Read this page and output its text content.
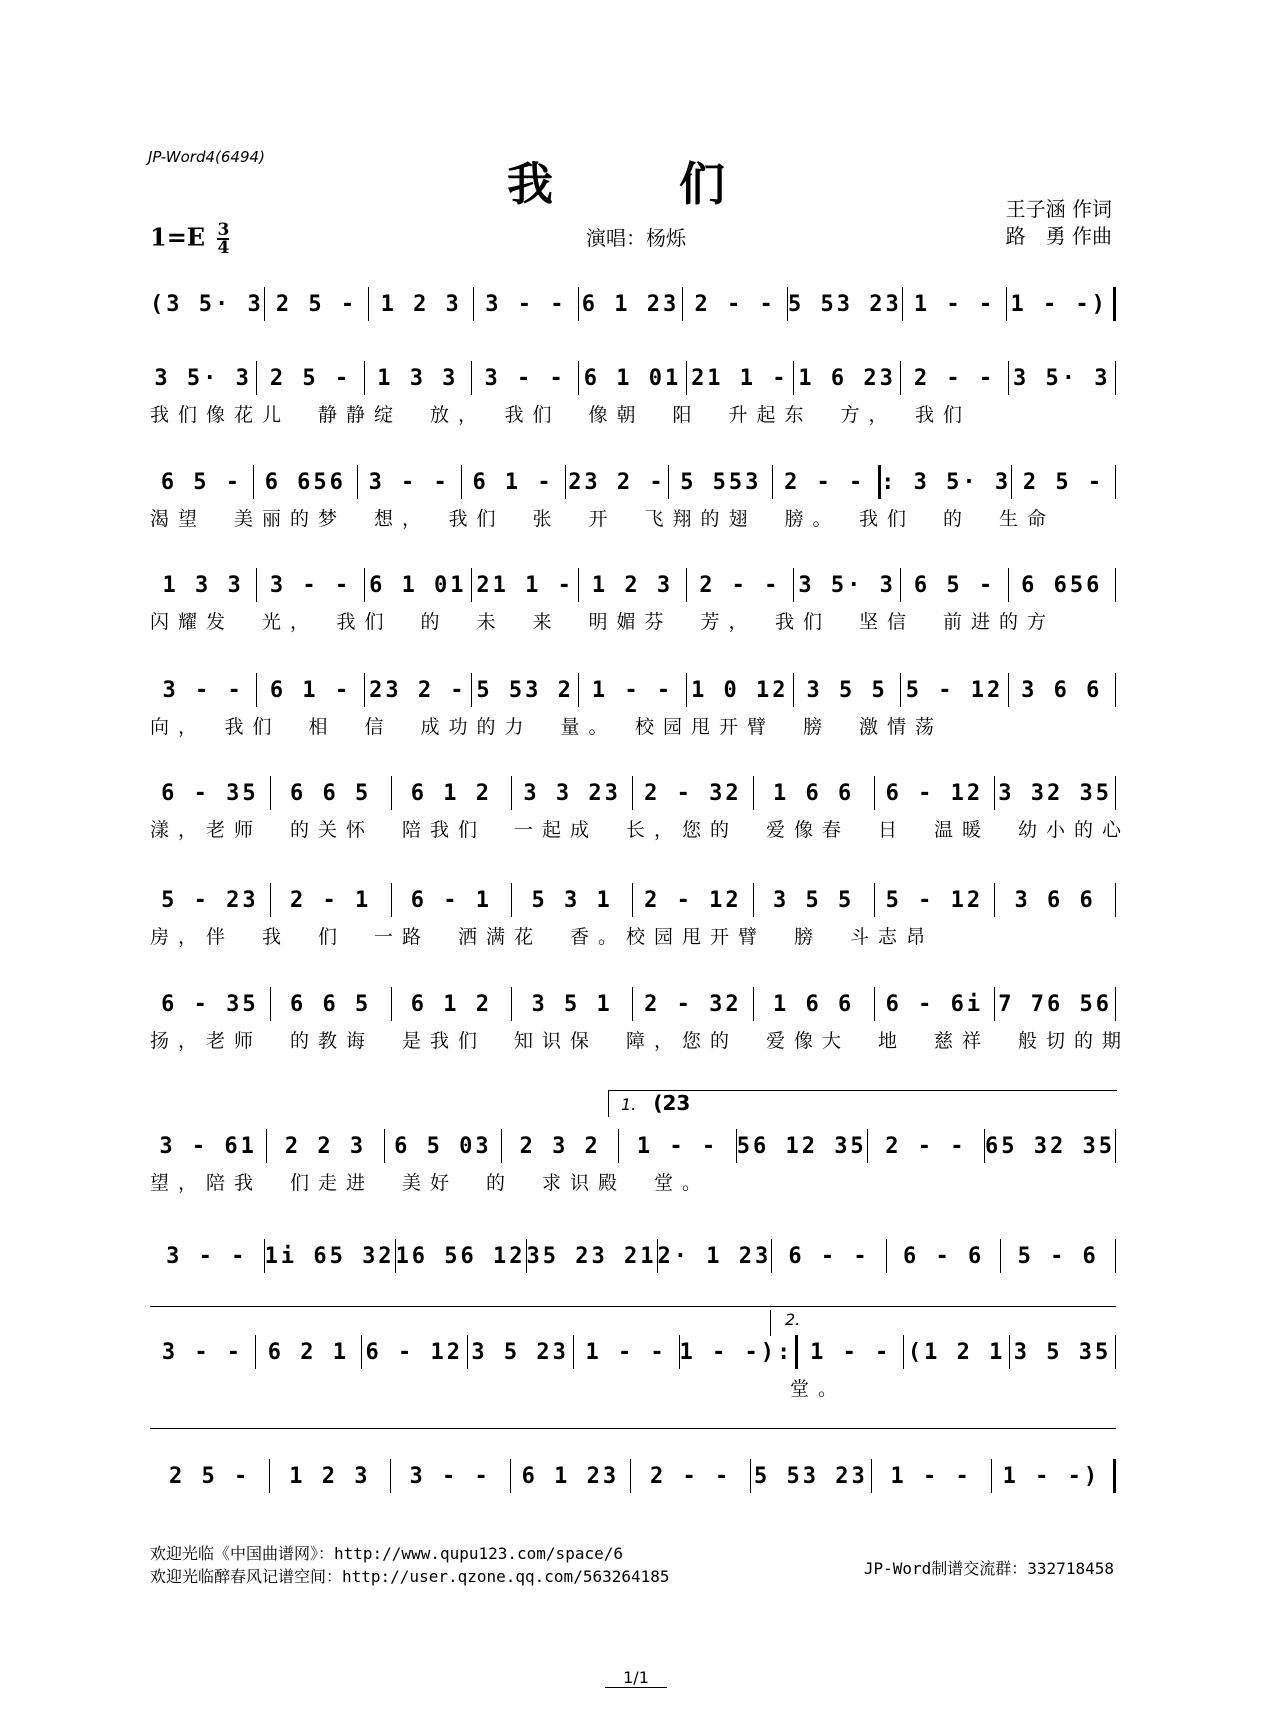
JP-Word4(6494)	我　们
$1=E \frac{3}{4}$	演唱：杨烁
王子涵 作词
路　勇 作曲
(3 5· 3 2 5 -	1 2 3	3 - - 6 1 23 2 - - 5 53 23 1 - - 1 - -)
3 5· 3 2 5 -	1 3 3	3 - - 6 1 01 21 1 - 1 6 23 2 - - 3 5· 3
我们像花儿　静静绽　放，　我们　像朝　阳　升起东　方，　我们
6 5 -	6 656	3 - -	6 1 - 23 2 - 5 553	2 - - : 3 5· 3 2 5 -
渴望　美丽的梦　想，　我们　张　开　飞翔的翅　膀。　我们　的　生命
1 3 3	3 - - 6 1 01 21 1 - 1 2 3	2 - - 3 5· 3 6 5 -	6 656
闪耀发　光，　我们　的　未　来　明媚芬　芳，　我们　坚信　前进的方
3 - -	6 1 - 23 2 - 5 53 2 1 - - 1 0 12 3 5 5 5 - 12 3 6 6
向，　我们　相　信　成功的力　量。　校园甩开臂　膀　激情荡
6 - 35	6 6 5	6 1 2	3 3 23	2 - 32	1 6 6	6 - 12 3 32 35
漾，老师　的关怀　陪我们　一起成　长，您的　爱像春　日　温暖　幼小的心
5 - 23	2 - 1	6 - 1	5 3 1	2 - 12	3 5 5	5 - 12	3 6 6
房，伴　我　们　一路　洒满花　香。校园甩开臂　膀　斗志昂
6 - 35	6 6 5	6 1 2	3 5 1	2 - 32	1 6 6	6 - 6i 7 76 56
扬，老师　的教诲　是我们　知识保　障，您的　爱像大　地　慈祥　般切的期
1. (23
3 - 61	2 2 3	6 5 03	2 3 2	1 - - 56 12 35 2 - - 65 32 35
望，陪我　们走进　美好　的　求识殿　堂。
3 - - 1i 65 32 16 56 12 35 23 21 2· 1 23 6 - -	6 - 6	5 - 6
2.
3 - -	6 2 1 6 - 12 3 5 23 1 - - 1 - -): 1 - - (1 2 1 3 5 35
堂。
2 5 -	1 2 3	3 - -	6 1 23	2 - -	5 53 23	1 - -	1 - -)
欢迎光临《中国曲谱网》：http://www.qupu123.com/space/6
欢迎光临醉春风记谱空间：http://user.qzone.qq.com/563264185	JP-Word制谱交流群：332718458
1/1
